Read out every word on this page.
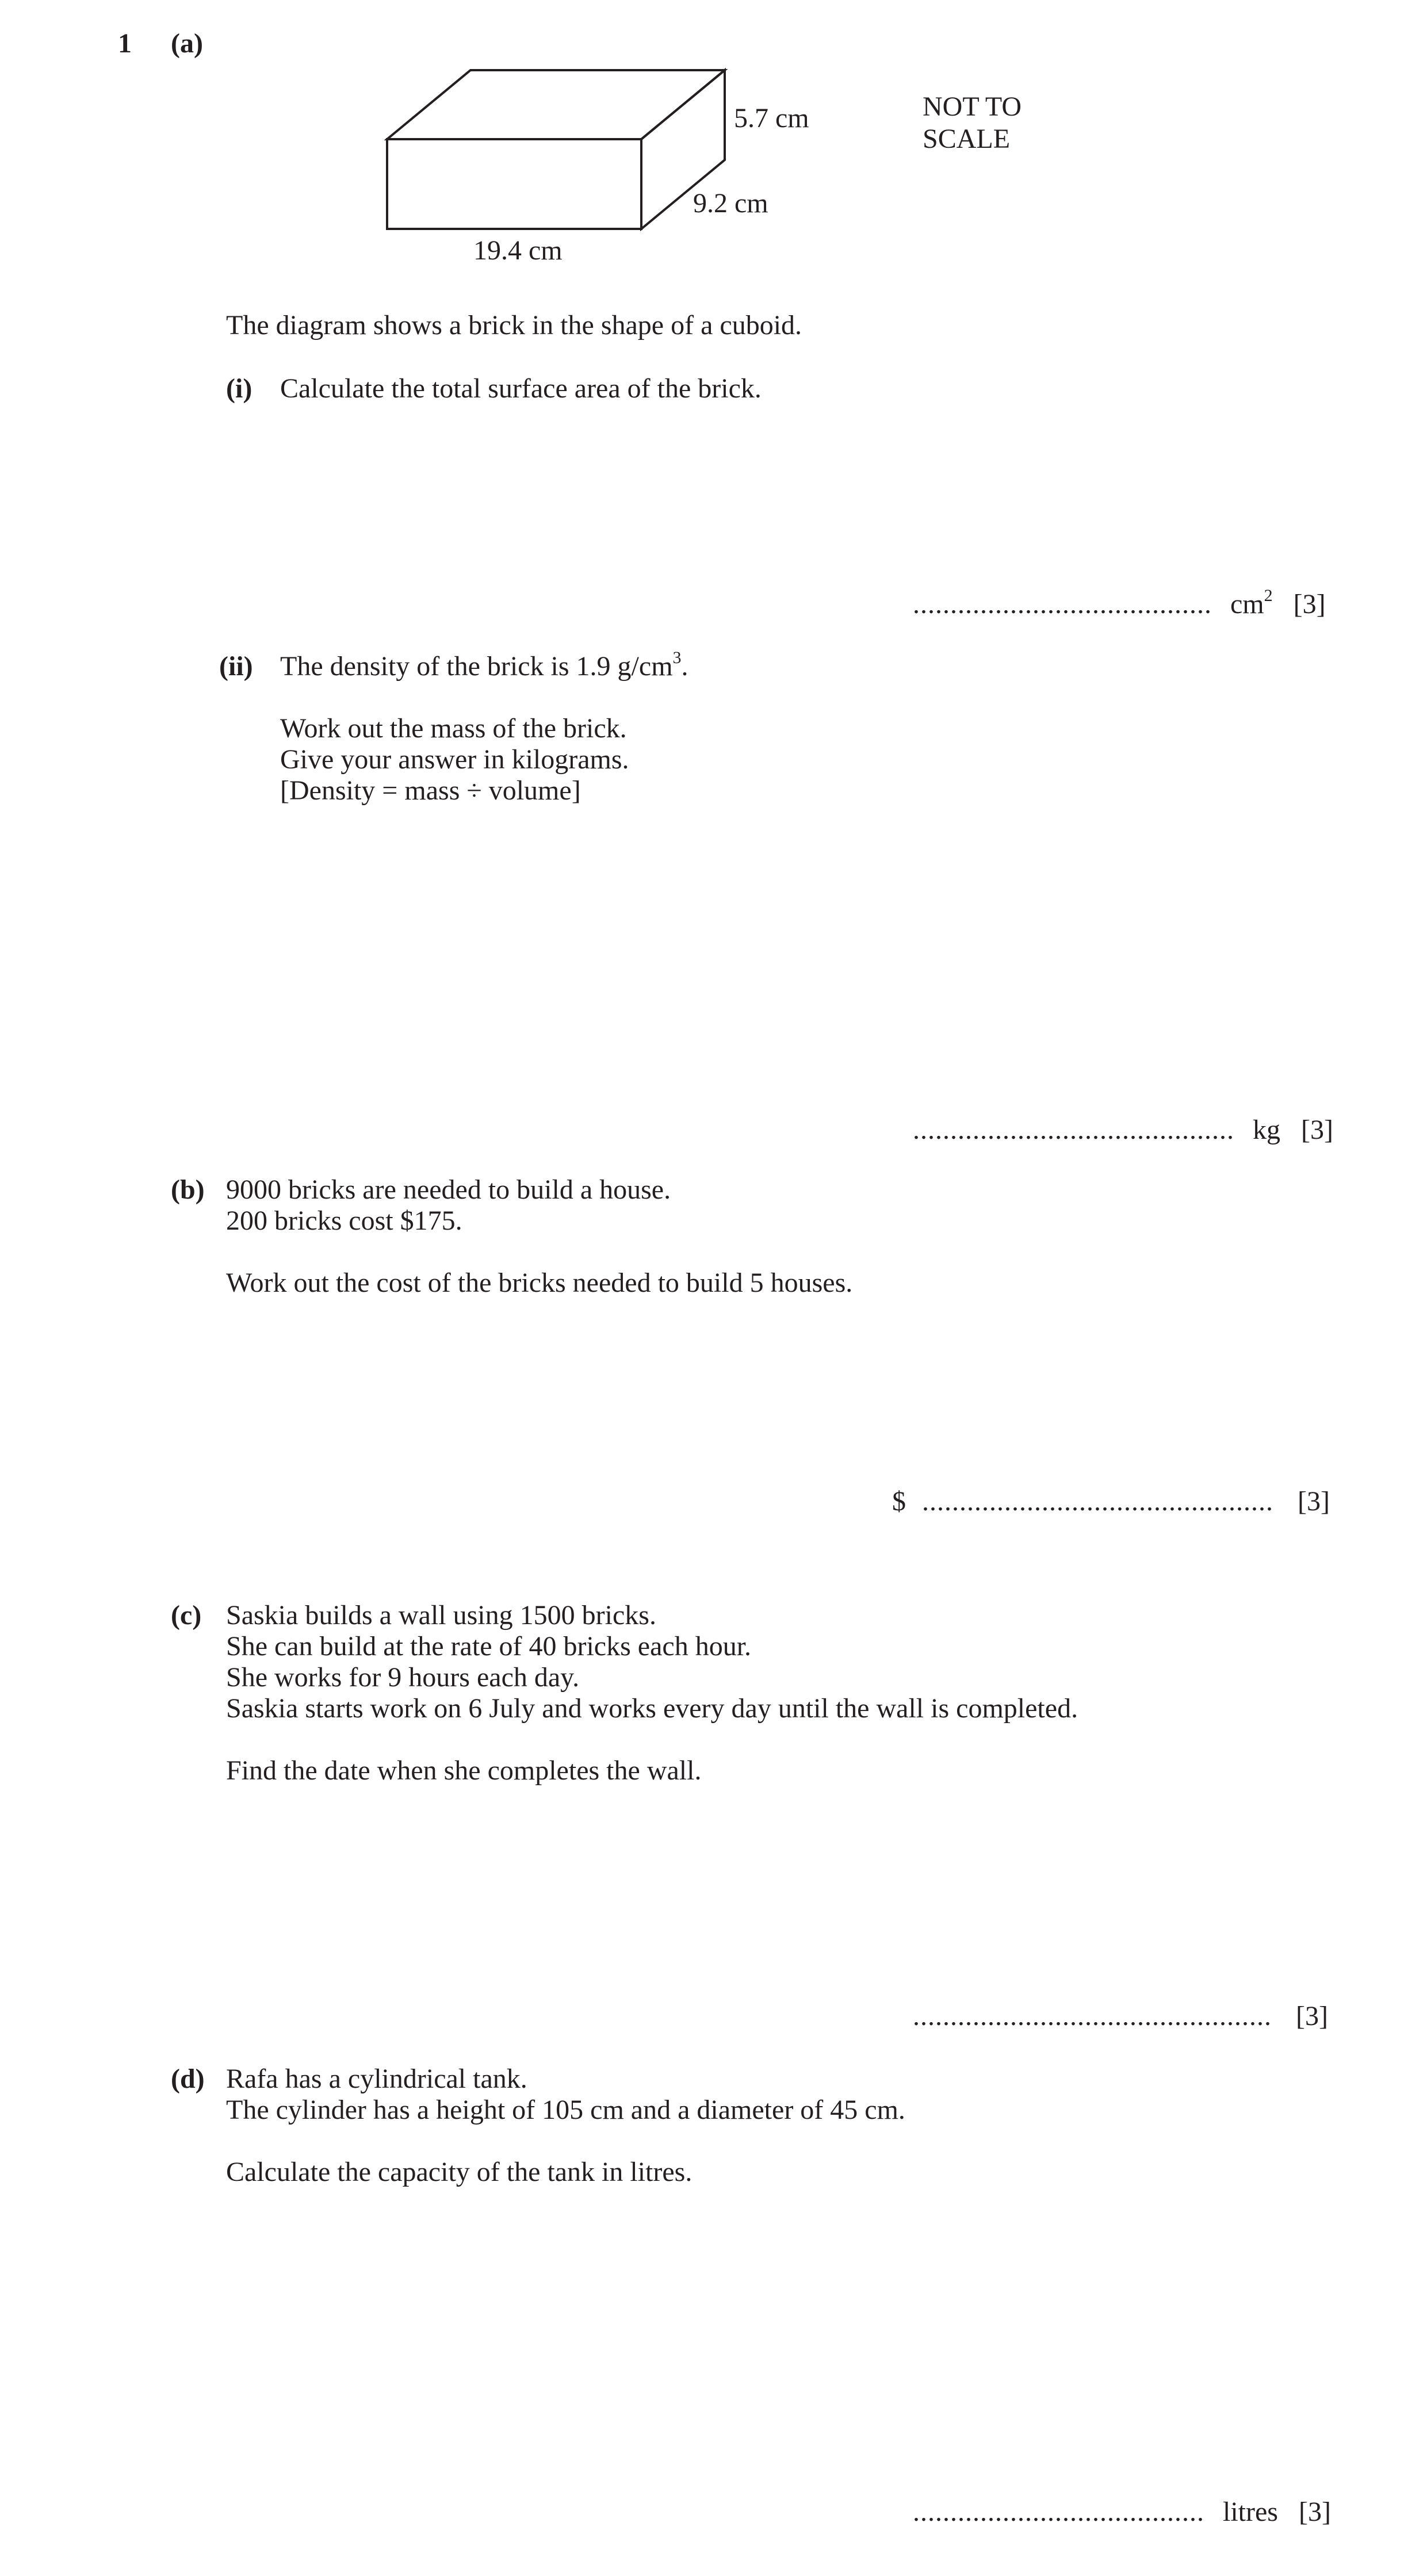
1 (a)
5.7 cm
9.2 cm
19.4 cm
NOT TO
SCALE
The diagram shows a brick in the shape of a cuboid.
(i) Calculate the total surface area of the brick.
........................................ $cm^2$ [3]
(ii) The density of the brick is 1.9 $g/cm^3$.
Work out the mass of the brick.
Give your answer in kilograms.
[Density = mass ÷ volume]
........................................... kg [3]
(b) 9000 bricks are needed to build a house.
200 bricks cost $175.
Work out the cost of the bricks needed to build 5 houses.
$ ............................................... [3]
(c) Saskia builds a wall using 1500 bricks.
She can build at the rate of 40 bricks each hour.
She works for 9 hours each day.
Saskia starts work on 6 July and works every day until the wall is completed.
Find the date when she completes the wall.
................................................ [3]
(d) Rafa has a cylindrical tank.
The cylinder has a height of 105 cm and a diameter of 45 cm.
Calculate the capacity of the tank in litres.
....................................... litres [3]
